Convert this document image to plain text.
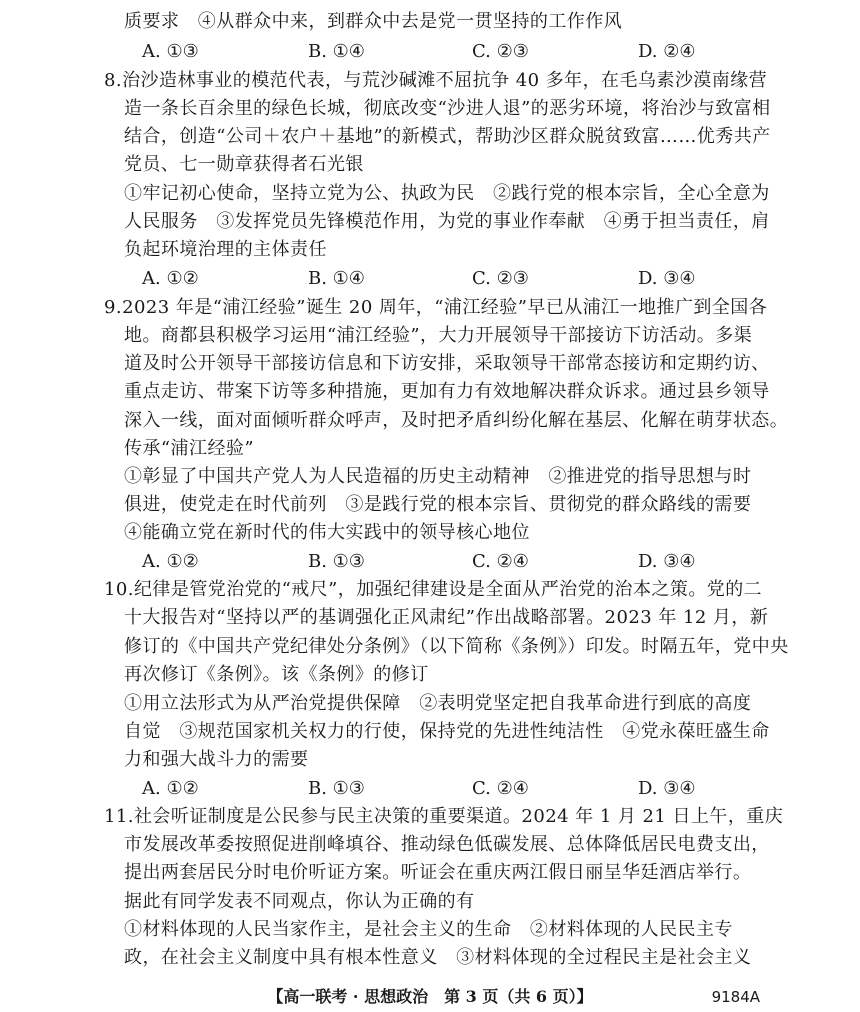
质要求　④从群众中来，到群众中去是党一贯坚持的工作作风
A. ①③	B. ①④	C. ②③	D. ②④
8.治沙造林事业的模范代表，与荒沙碱滩不屈抗争 40 多年，在毛乌素沙漠南缘营
造一条长百余里的绿色长城，彻底改变“沙进人退”的恶劣环境，将治沙与致富相
结合，创造“公司＋农户＋基地”的新模式，帮助沙区群众脱贫致富……优秀共产
党员、七一勋章获得者石光银
①牢记初心使命，坚持立党为公、执政为民　②践行党的根本宗旨，全心全意为
人民服务　③发挥党员先锋模范作用，为党的事业作奉献　④勇于担当责任，肩
负起环境治理的主体责任
A. ①②	B. ①④	C. ②③	D. ③④
9.2023 年是“浦江经验”诞生 20 周年，“浦江经验”早已从浦江一地推广到全国各
地。商都县积极学习运用“浦江经验”，大力开展领导干部接访下访活动。多渠
道及时公开领导干部接访信息和下访安排，采取领导干部常态接访和定期约访、
重点走访、带案下访等多种措施，更加有力有效地解决群众诉求。通过县乡领导
深入一线，面对面倾听群众呼声，及时把矛盾纠纷化解在基层、化解在萌芽状态。
传承“浦江经验”
①彰显了中国共产党人为人民造福的历史主动精神　②推进党的指导思想与时
俱进，使党走在时代前列　③是践行党的根本宗旨、贯彻党的群众路线的需要
④能确立党在新时代的伟大实践中的领导核心地位
A. ①②	B. ①③	C. ②④	D. ③④
10.纪律是管党治党的“戒尺”，加强纪律建设是全面从严治党的治本之策。党的二
十大报告对“坚持以严的基调强化正风肃纪”作出战略部署。2023 年 12 月，新
修订的《中国共产党纪律处分条例》（以下简称《条例》）印发。时隔五年，党中央
再次修订《条例》。该《条例》的修订
①用立法形式为从严治党提供保障　②表明党坚定把自我革命进行到底的高度
自觉　③规范国家机关权力的行使，保持党的先进性纯洁性　④党永葆旺盛生命
力和强大战斗力的需要
A. ①②	B. ①③	C. ②④	D. ③④
11.社会听证制度是公民参与民主决策的重要渠道。2024 年 1 月 21 日上午，重庆
市发展改革委按照促进削峰填谷、推动绿色低碳发展、总体降低居民电费支出，
提出两套居民分时电价听证方案。听证会在重庆两江假日丽呈华廷酒店举行。
据此有同学发表不同观点，你认为正确的有
①材料体现的人民当家作主，是社会主义的生命　②材料体现的人民民主专
政，在社会主义制度中具有根本性意义　③材料体现的全过程民主是社会主义
【高一联考 · 思想政治　第 3 页（共 6 页）】	9184A
